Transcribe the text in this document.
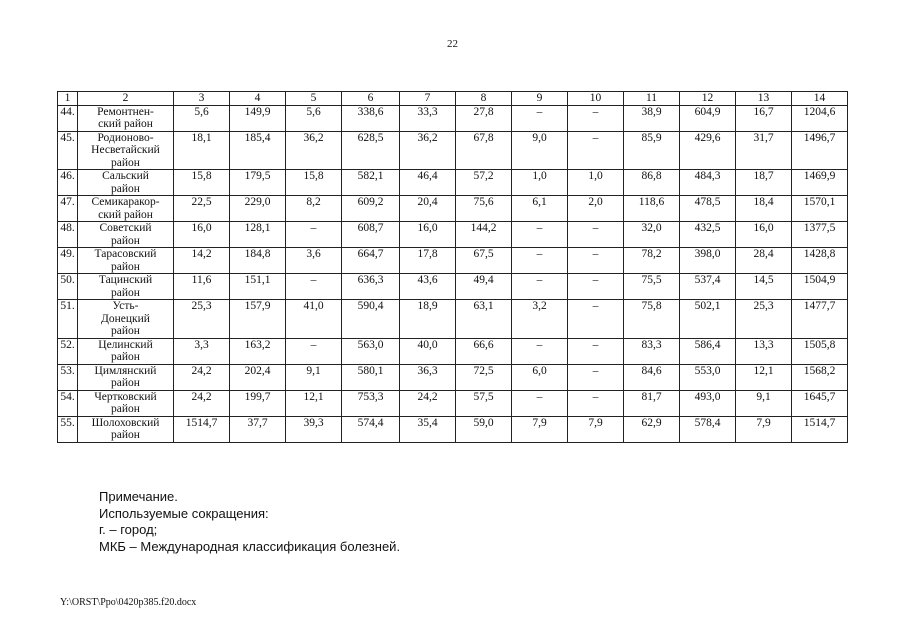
22
1	2	3	4	5	6	7	8	9	10	11	12	13	14
44.	Ремонтнен-
ский район	5,6	149,9	5,6	338,6	33,3	27,8	–	–	38,9	604,9	16,7	1204,6
45.	Родионово-
Несветайский
район	18,1	185,4	36,2	628,5	36,2	67,8	9,0	–	85,9	429,6	31,7	1496,7
46.	Сальский
район	15,8	179,5	15,8	582,1	46,4	57,2	1,0	1,0	86,8	484,3	18,7	1469,9
47.	Семикаракор-
ский район	22,5	229,0	8,2	609,2	20,4	75,6	6,1	2,0	118,6	478,5	18,4	1570,1
48.	Советский
район	16,0	128,1	–	608,7	16,0	144,2	–	–	32,0	432,5	16,0	1377,5
49.	Тарасовский
район	14,2	184,8	3,6	664,7	17,8	67,5	–	–	78,2	398,0	28,4	1428,8
50.	Тацинский
район	11,6	151,1	–	636,3	43,6	49,4	–	–	75,5	537,4	14,5	1504,9
51.	Усть-
Донецкий
район	25,3	157,9	41,0	590,4	18,9	63,1	3,2	–	75,8	502,1	25,3	1477,7
52.	Целинский
район	3,3	163,2	–	563,0	40,0	66,6	–	–	83,3	586,4	13,3	1505,8
53.	Цимлянский
район	24,2	202,4	9,1	580,1	36,3	72,5	6,0	–	84,6	553,0	12,1	1568,2
54.	Чертковский
район	24,2	199,7	12,1	753,3	24,2	57,5	–	–	81,7	493,0	9,1	1645,7
55.	Шолоховский
район	1514,7	37,7	39,3	574,4	35,4	59,0	7,9	7,9	62,9	578,4	7,9	1514,7
Примечание.
Используемые сокращения:
г. – город;
МКБ – Международная классификация болезней.
Y:\ORST\Ppo\0420p385.f20.docx
